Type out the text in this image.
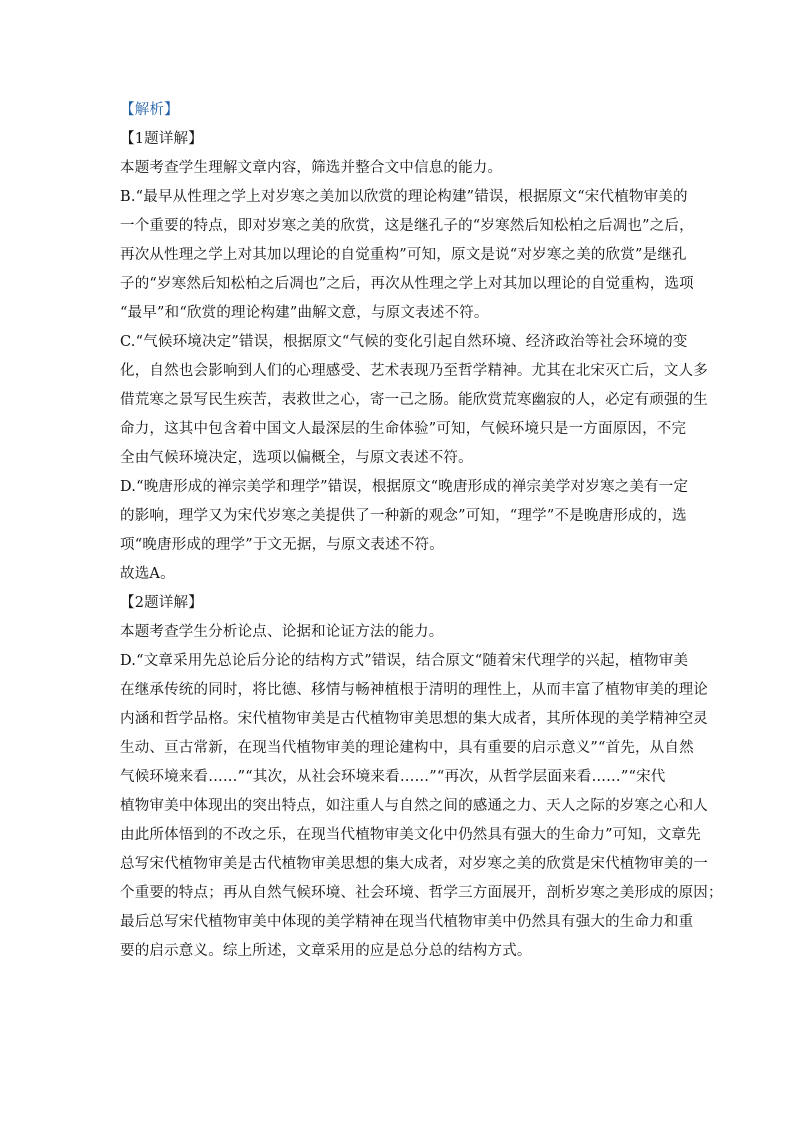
【解析】
【1题详解】
本题考查学生理解文章内容，筛选并整合文中信息的能力。
B.“最早从性理之学上对岁寒之美加以欣赏的理论构建”错误，根据原文“宋代植物审美的
一个重要的特点，即对岁寒之美的欣赏，这是继孔子的“岁寒然后知松柏之后凋也”之后，
再次从性理之学上对其加以理论的自觉重构”可知，原文是说“对岁寒之美的欣赏”是继孔
子的“岁寒然后知松柏之后凋也”之后，再次从性理之学上对其加以理论的自觉重构，选项
“最早”和“欣赏的理论构建”曲解文意，与原文表述不符。
C.“气候环境决定”错误，根据原文“气候的变化引起自然环境、经济政治等社会环境的变
化，自然也会影响到人们的心理感受、艺术表现乃至哲学精神。尤其在北宋灭亡后，文人多
借荒寒之景写民生疾苦，表救世之心，寄一己之肠。能欣赏荒寒幽寂的人，必定有顽强的生
命力，这其中包含着中国文人最深层的生命体验”可知，气候环境只是一方面原因，不完
全由气候环境决定，选项以偏概全，与原文表述不符。
D.“晚唐形成的禅宗美学和理学”错误，根据原文“晚唐形成的禅宗美学对岁寒之美有一定
的影响，理学又为宋代岁寒之美提供了一种新的观念”可知，“理学”不是晚唐形成的，选
项“晚唐形成的理学”于文无据，与原文表述不符。
故选A。
【2题详解】
本题考查学生分析论点、论据和论证方法的能力。
D.“文章采用先总论后分论的结构方式”错误，结合原文“随着宋代理学的兴起，植物审美
在继承传统的同时，将比德、移情与畅神植根于清明的理性上，从而丰富了植物审美的理论
内涵和哲学品格。宋代植物审美是古代植物审美思想的集大成者，其所体现的美学精神空灵
生动、亘古常新，在现当代植物审美的理论建构中，具有重要的启示意义”“首先，从自然
气候环境来看……”“其次，从社会环境来看……”“再次，从哲学层面来看……”“宋代
植物审美中体现出的突出特点，如注重人与自然之间的感通之力、天人之际的岁寒之心和人
由此所体悟到的不改之乐，在现当代植物审美文化中仍然具有强大的生命力”可知，文章先
总写宋代植物审美是古代植物审美思想的集大成者，对岁寒之美的欣赏是宋代植物审美的一
个重要的特点；再从自然气候环境、社会环境、哲学三方面展开，剖析岁寒之美形成的原因；
最后总写宋代植物审美中体现的美学精神在现当代植物审美中仍然具有强大的生命力和重
要的启示意义。综上所述，文章采用的应是总分总的结构方式。
